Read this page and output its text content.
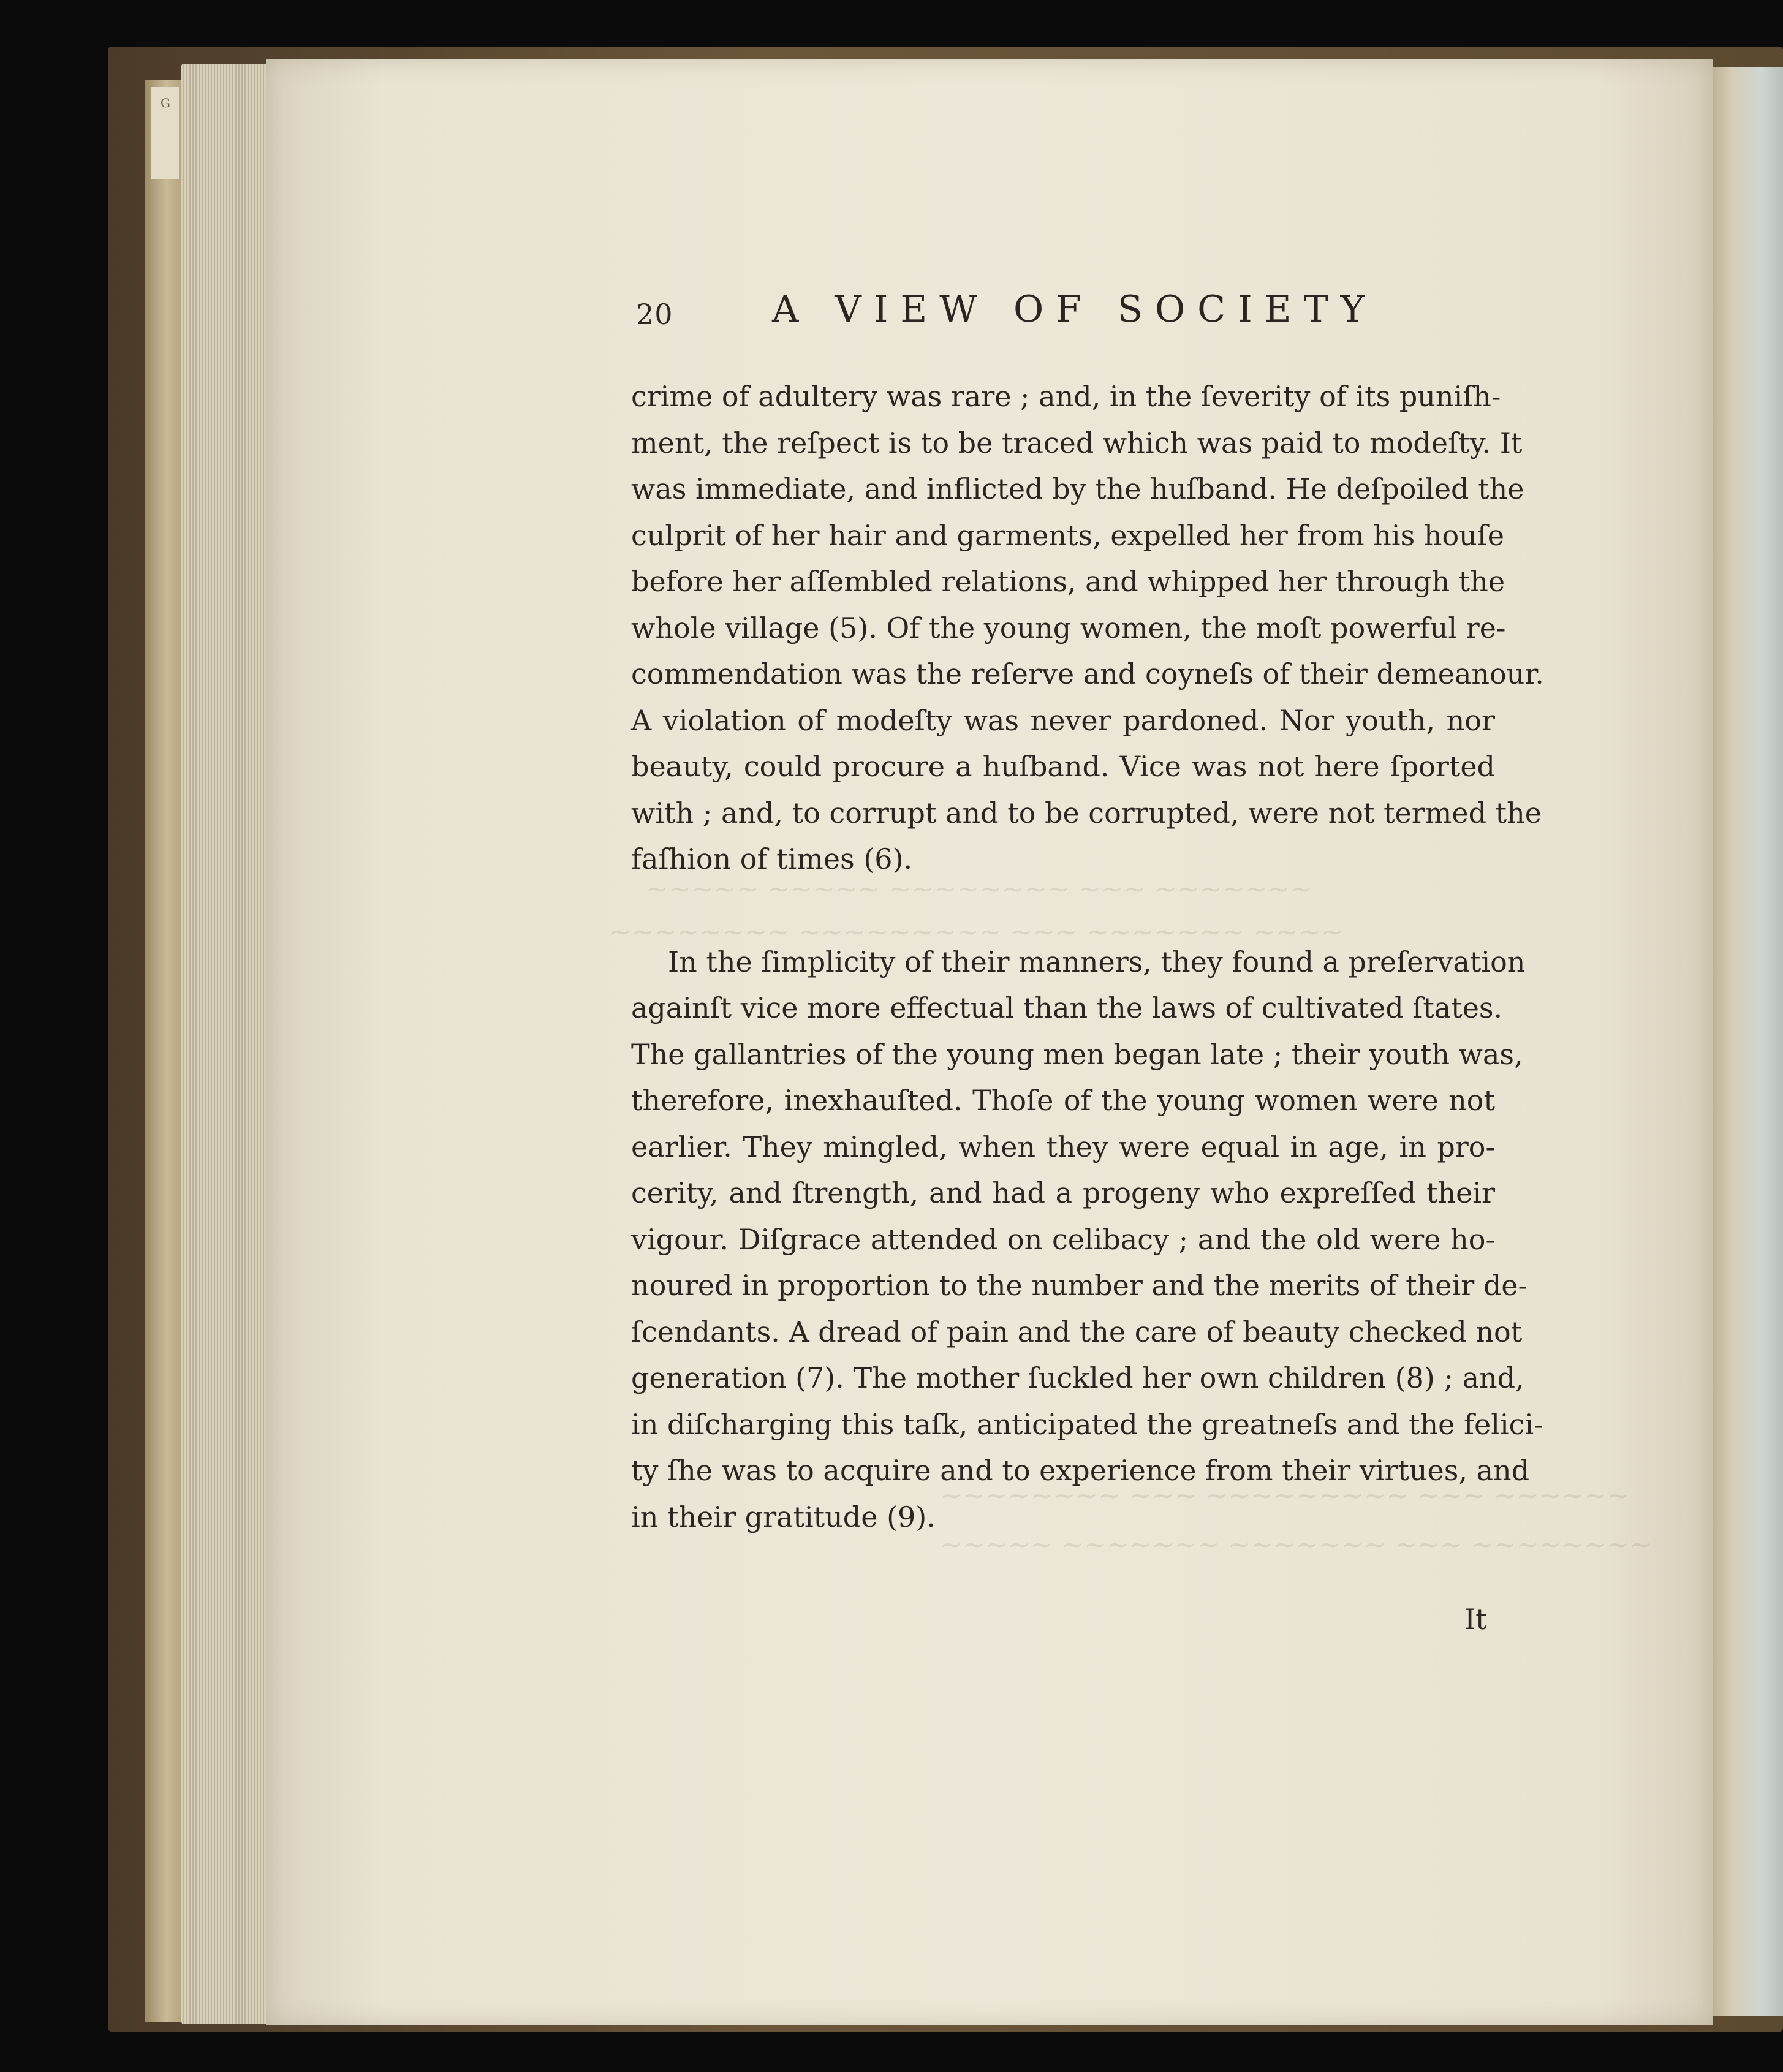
G
~~~~~ ~~~~~ ~~~~~~~~ ~~~ ~~~~~~~
~~~~~~~~ ~~~~~~~~~ ~~~ ~~~~~~~ ~~~~
~~~~~~~~ ~~~ ~~~~~~~~~ ~~~ ~~~~~~
~~~~~ ~~~~~~~ ~~~~~~~ ~~~ ~~~~~~~~
20	A VIEW OF SOCIETY

crime of adultery was rare ; and, in the ſeverity of its puniſh-
ment, the reſpect is to be traced which was paid to modeſty. It
was immediate, and inflicted by the huſband. He deſpoiled the
culprit of her hair and garments, expelled her from his houſe
before her aſſembled relations, and whipped her through the
whole village (5). Of the young women, the moſt powerful re-
commendation was the reſerve and coyneſs of their demeanour.
A violation of modeſty was never pardoned. Nor youth, nor
beauty, could procure a huſband. Vice was not here ſported
with ; and, to corrupt and to be corrupted, were not termed the
faſhion of times (6).

In the ſimplicity of their manners, they found a preſervation
againſt vice more effectual than the laws of cultivated ſtates.
The gallantries of the young men began late ; their youth was,
therefore, inexhauſted. Thoſe of the young women were not
earlier. They mingled, when they were equal in age, in pro-
cerity, and ſtrength, and had a progeny who expreſſed their
vigour. Diſgrace attended on celibacy ; and the old were ho-
noured in proportion to the number and the merits of their de-
ſcendants. A dread of pain and the care of beauty checked not
generation (7). The mother ſuckled her own children (8) ; and,
in diſcharging this taſk, anticipated the greatneſs and the felici-
ty ſhe was to acquire and to experience from their virtues, and
in their gratitude (9).

It
